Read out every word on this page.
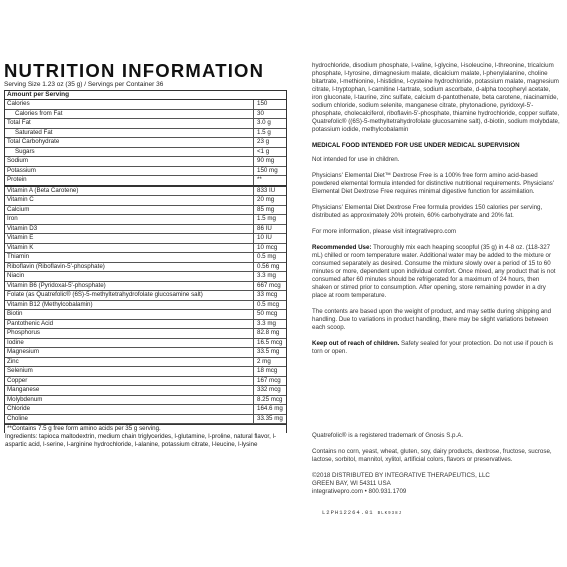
NUTRITION INFORMATION
Serving Size 1.23 oz (35 g) / Servings per Container 36
Amount per Serving
Calories	150
Calories from Fat	30
Total Fat	3.0 g
Saturated Fat	1.5 g
Total Carbohydrate	23 g
Sugars	<1 g
Sodium	90 mg
Potassium	150 mg
Protein	**
Vitamin A (Beta Carotene)	833 IU
Vitamin C	20 mg
Calcium	85 mg
Iron	1.5 mg
Vitamin D3	86 IU
Vitamin E	10 IU
Vitamin K	10 mcg
Thiamin	0.5 mg
Riboflavin (Riboflavin-5'-phosphate)	0.56 mg
Niacin	3.3 mg
Vitamin B6 (Pyridoxal-5'-phosphate)	667 mcg
Folate (as Quatrefolic® (6S)-5-methyltetrahydrofolate glucosamine salt)	33 mcg
Vitamin B12 (Methylcobalamin)	0.5 mcg
Biotin	50 mcg
Pantothenic Acid	3.3 mg
Phosphorus	82.8 mg
Iodine	16.5 mcg
Magnesium	33.5 mg
Zinc	2 mg
Selenium	18 mcg
Copper	167 mcg
Manganese	332 mcg
Molybdenum	8.25 mcg
Chloride	164.6 mg
Choline	33.35 mg
**Contains 7.5 g free form amino acids per 35 g serving.
Ingredients: tapioca maltodextrin, medium chain triglycerides, l-glutamine, l-proline, natural flavor, l-aspartic acid, l-serine, l-arginine hydrochloride, l-alanine, potassium citrate, l-leucine, l-lysine

hydrochloride, disodium phosphate, l-valine, l-glycine, l-isoleucine, l-threonine, tricalcium phosphate, l-tyrosine, dimagnesium malate, dicalcium malate, l-phenylalanine, choline bitartrate, l-methionine, l-histidine, l-cysteine hydrochloride, potassium malate, magnesium citrate, l-tryptophan, l-carnitine l-tartrate, sodium ascorbate, d-alpha tocopheryl acetate, iron gluconate, l-taurine, zinc sulfate, calcium d-pantothenate, beta carotene, niacinamide, sodium chloride, sodium selenite, manganese citrate, phytonadione, pyridoxyl-5'-phosphate, cholecalciferol, riboflavin-5'-phosphate, thiamine hydrochloride, copper sulfate, Quatrefolic® ((6S)-5-methyltetrahydrofolate glucosamine salt), d-biotin, sodium molybdate, potassium iodide, methylcobalamin

MEDICAL FOOD INTENDED FOR USE UNDER MEDICAL SUPERVISION

Not intended for use in children.

Physicians' Elemental Diet™ Dextrose Free is a 100% free form amino acid-based powdered elemental formula intended for distinctive nutritional requirements. Physicians' Elemental Diet Dextrose Free requires minimal digestive function for assimilation.

Physicians' Elemental Diet Dextrose Free formula provides 150 calories per serving, distributed as approximately 20% protein, 60% carbohydrate and 20% fat.

For more information, please visit integrativepro.com

Recommended Use: Thoroughly mix each heaping scoopful (35 g) in 4-8 oz. (118-327 mL) chilled or room temperature water. Additional water may be added to the mixture or consumed separately as desired. Consume the mixture slowly over a period of 15 to 60 minutes or more, dependent upon individual comfort. Once mixed, any product that is not consumed after 60 minutes should be refrigerated for a maximum of 24 hours, then shaken or stirred prior to consumption. After opening, store remaining powder in a dry place at room temperature.

The contents are based upon the weight of product, and may settle during shipping and handling. Due to variations in product handling, there may be slight variations between each scoop.

Keep out of reach of children. Safety sealed for your protection. Do not use if pouch is torn or open.

Quatrefolic® is a registered trademark of Gnosis S.p.A.

Contains no corn, yeast, wheat, gluten, soy, dairy products, dextrose, fructose, sucrose, lactose, sorbitol, mannitol, xylitol, artificial colors, flavors or preservatives.

©2018 DISTRIBUTED BY INTEGRATIVE THERAPEUTICS, LLC
GREEN BAY, WI 54311 USA
integrativepro.com • 800.931.1709
L2PH12264.01 BLK938J
